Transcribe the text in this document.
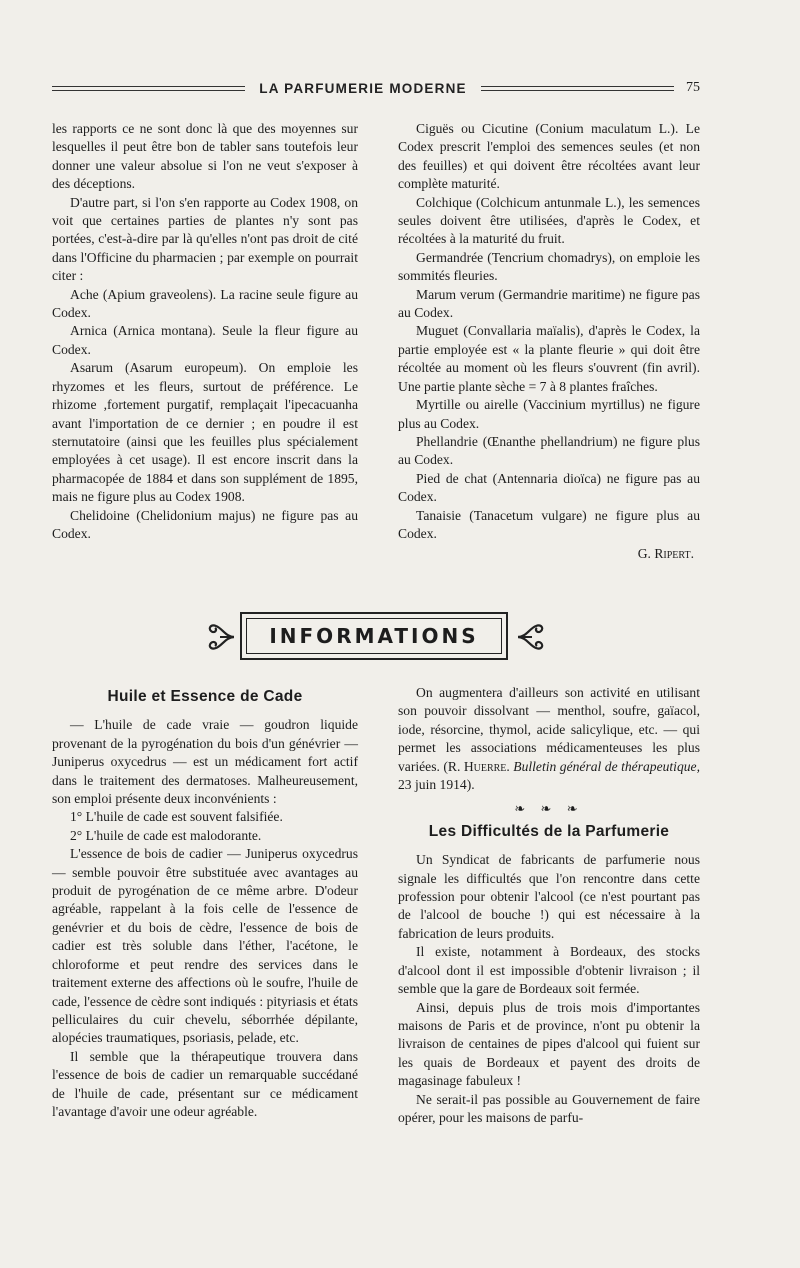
LA PARFUMERIE MODERNE	75

les rapports ce ne sont donc là que des moyennes sur lesquelles il peut être bon de tabler sans toutefois leur donner une valeur absolue si l'on ne veut s'exposer à des déceptions.

D'autre part, si l'on s'en rapporte au Codex 1908, on voit que certaines parties de plantes n'y sont pas portées, c'est-à-dire par là qu'elles n'ont pas droit de cité dans l'Officine du pharmacien ; par exemple on pourrait citer :

Ache (Apium graveolens). La racine seule figure au Codex.

Arnica (Arnica montana). Seule la fleur figure au Codex.

Asarum (Asarum europeum). On emploie les rhyzomes et les fleurs, surtout de préférence. Le rhizome ,fortement purgatif, remplaçait l'ipecacuanha avant l'importation de ce dernier ; en poudre il est sternutatoire (ainsi que les feuilles plus spécialement employées à cet usage). Il est encore inscrit dans la pharmacopée de 1884 et dans son supplément de 1895, mais ne figure plus au Codex 1908.

Chelidoine (Chelidonium majus) ne figure pas au Codex.

Ciguës ou Cicutine (Conium maculatum L.). Le Codex prescrit l'emploi des semences seules (et non des feuilles) et qui doivent être récoltées avant leur complète maturité.

Colchique (Colchicum antunmale L.), les semences seules doivent être utilisées, d'après le Codex, et récoltées à la maturité du fruit.

Germandrée (Tencrium chomadrys), on emploie les sommités fleuries.

Marum verum (Germandrie maritime) ne figure pas au Codex.

Muguet (Convallaria maïalis), d'après le Codex, la partie employée est « la plante fleurie » qui doit être récoltée au moment où les fleurs s'ouvrent (fin avril). Une partie plante sèche = 7 à 8 plantes fraîches.

Myrtille ou airelle (Vaccinium myrtillus) ne figure plus au Codex.

Phellandrie (Œnanthe phellandrium) ne figure plus au Codex.

Pied de chat (Antennaria dioïca) ne figure pas au Codex.

Tanaisie (Tanacetum vulgare) ne figure plus au Codex.

G. Ripert.
INFORMATIONS
Huile et Essence de Cade

— L'huile de cade vraie — goudron liquide provenant de la pyrogénation du bois d'un génévrier — Juniperus oxycedrus — est un médicament fort actif dans le traitement des dermatoses. Malheureusement, son emploi présente deux inconvénients :

1° L'huile de cade est souvent falsifiée.

2° L'huile de cade est malodorante.

L'essence de bois de cadier — Juniperus oxycedrus — semble pouvoir être substituée avec avantages au produit de pyrogénation de ce même arbre. D'odeur agréable, rappelant à la fois celle de l'essence de genévrier et du bois de cèdre, l'essence de bois de cadier est très soluble dans l'éther, l'acétone, le chloroforme et peut rendre des services dans le traitement externe des affections où le soufre, l'huile de cade, l'essence de cèdre sont indiqués : pityriasis et états pelliculaires du cuir chevelu, séborrhée dépilante, alopécies traumatiques, psoriasis, pelade, etc.

Il semble que la thérapeutique trouvera dans l'essence de bois de cadier un remarquable succédané de l'huile de cade, présentant sur ce médicament l'avantage d'avoir une odeur agréable.

On augmentera d'ailleurs son activité en utilisant son pouvoir dissolvant — menthol, soufre, gaïacol, iode, résorcine, thymol, acide salicylique, etc. — qui permet les associations médicamenteuses les plus variées. (R. Huerre. Bulletin général de thérapeutique, 23 juin 1914).

❧ ❧ ❧
Les Difficultés de la Parfumerie

Un Syndicat de fabricants de parfumerie nous signale les difficultés que l'on rencontre dans cette profession pour obtenir l'alcool (ce n'est pourtant pas de l'alcool de bouche !) qui est nécessaire à la fabrication de leurs produits.

Il existe, notamment à Bordeaux, des stocks d'alcool dont il est impossible d'obtenir livraison ; il semble que la gare de Bordeaux soit fermée.

Ainsi, depuis plus de trois mois d'importantes maisons de Paris et de province, n'ont pu obtenir la livraison de centaines de pipes d'alcool qui fuient sur les quais de Bordeaux et payent des droits de magasinage fabuleux !

Ne serait-il pas possible au Gouvernement de faire opérer, pour les maisons de parfu-
